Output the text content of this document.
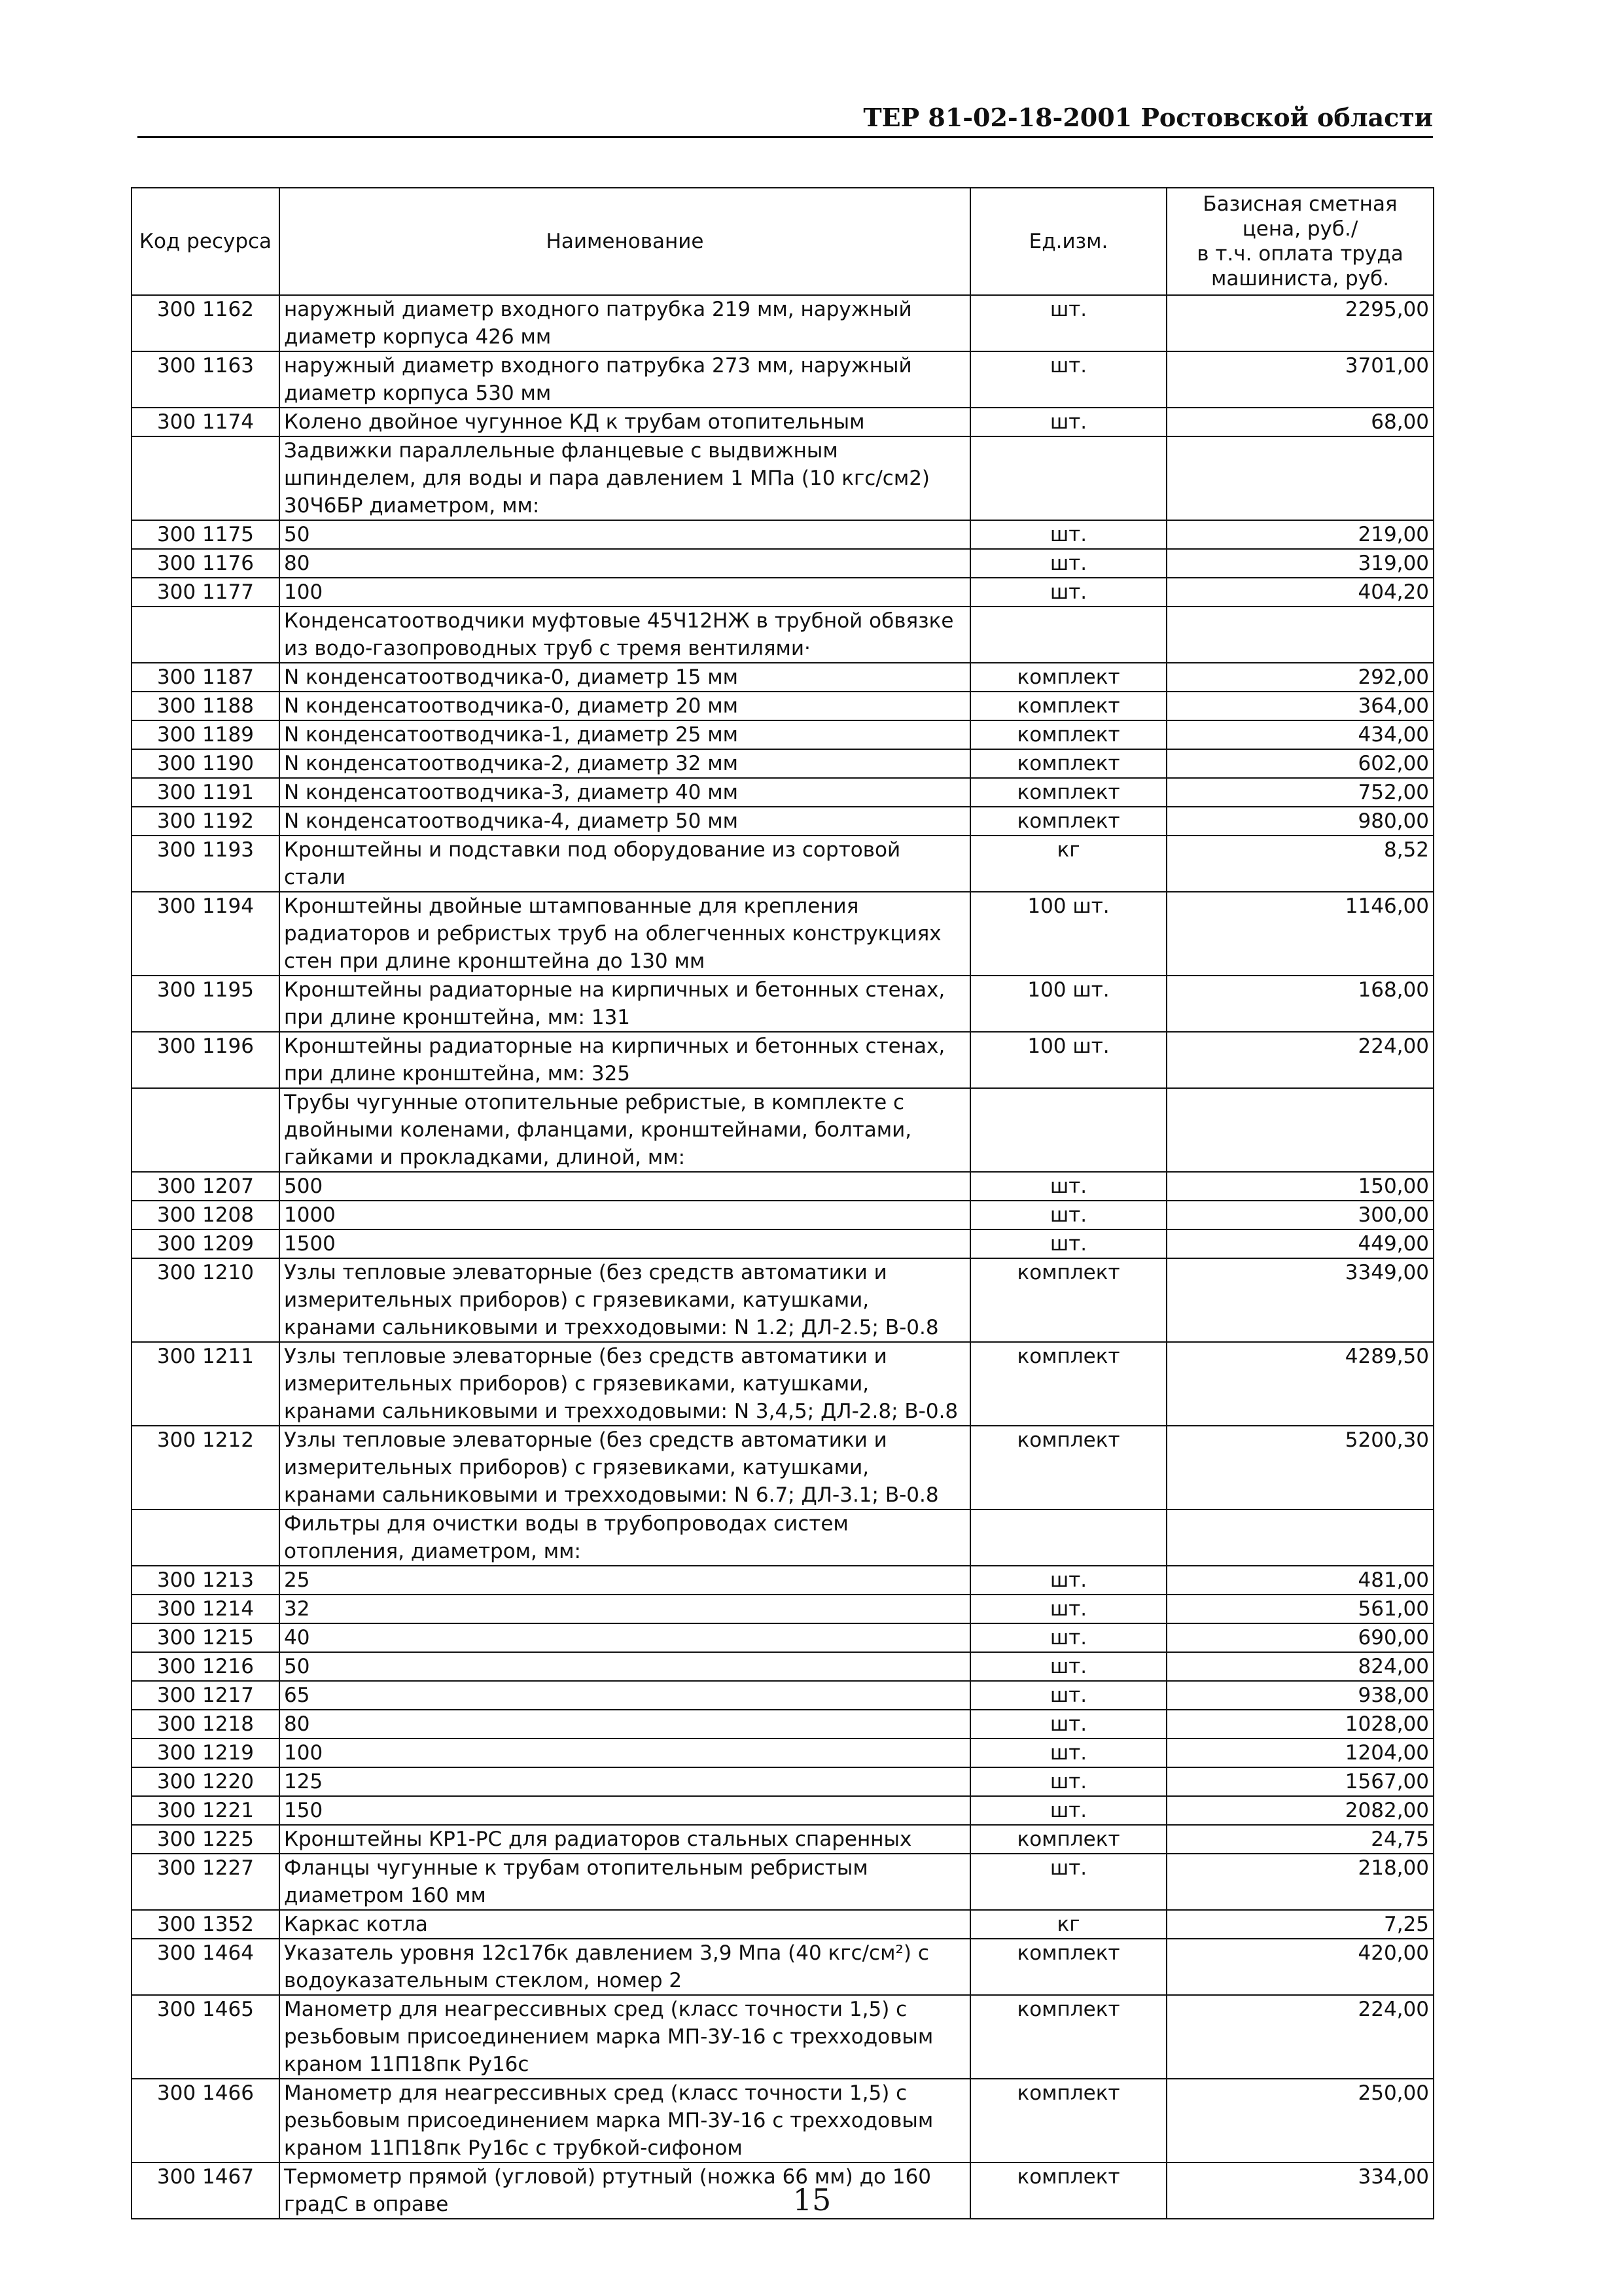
ТЕР 81-02-18-2001 Ростовской области
Код ресурса	Наименование	Ед.изм.	Базисная сметная
цена, руб./
в т.ч. оплата труда
машиниста, руб.

300 1162	наружный диаметр входного патрубка 219 мм, наружный диаметр корпуса 426 мм	шт.	2295,00
300 1163	наружный диаметр входного патрубка 273 мм, наружный диаметр корпуса 530 мм	шт.	3701,00
300 1174	Колено двойное чугунное КД к трубам отопительным	шт.	68,00
	Задвижки параллельные фланцевые с выдвижным шпинделем, для воды и пара давлением 1 МПа (10 кгс/см2) 30Ч6БР диаметром, мм:		
300 1175	50	шт.	219,00
300 1176	80	шт.	319,00
300 1177	100	шт.	404,20
	Конденсатоотводчики муфтовые 45Ч12НЖ в трубной обвязке из водо-газопроводных труб с тремя вентилями·		
300 1187	N конденсатоотводчика-0, диаметр 15 мм	комплект	292,00
300 1188	N конденсатоотводчика-0, диаметр 20 мм	комплект	364,00
300 1189	N конденсатоотводчика-1, диаметр 25 мм	комплект	434,00
300 1190	N конденсатоотводчика-2, диаметр 32 мм	комплект	602,00
300 1191	N конденсатоотводчика-3, диаметр 40 мм	комплект	752,00
300 1192	N конденсатоотводчика-4, диаметр 50 мм	комплект	980,00
300 1193	Кронштейны и подставки под оборудование из сортовой стали	кг	8,52
300 1194	Кронштейны двойные штампованные для крепления радиаторов и ребристых труб на облегченных конструкциях стен при длине кронштейна до 130 мм	100 шт.	1146,00
300 1195	Кронштейны радиаторные на кирпичных и бетонных стенах, при длине кронштейна, мм: 131	100 шт.	168,00
300 1196	Кронштейны радиаторные на кирпичных и бетонных стенах, при длине кронштейна, мм: 325	100 шт.	224,00
	Трубы чугунные отопительные ребристые, в комплекте с двойными коленами, фланцами, кронштейнами, болтами, гайками и прокладками, длиной, мм:		
300 1207	500	шт.	150,00
300 1208	1000	шт.	300,00
300 1209	1500	шт.	449,00
300 1210	Узлы тепловые элеваторные (без средств автоматики и измерительных приборов) с грязевиками, катушками, кранами сальниковыми и трехходовыми: N 1.2; ДЛ-2.5; В-0.8	комплект	3349,00
300 1211	Узлы тепловые элеваторные (без средств автоматики и измерительных приборов) с грязевиками, катушками, кранами сальниковыми и трехходовыми: N 3,4,5; ДЛ-2.8; В-0.8	комплект	4289,50
300 1212	Узлы тепловые элеваторные (без средств автоматики и измерительных приборов) с грязевиками, катушками, кранами сальниковыми и трехходовыми: N 6.7; ДЛ-3.1; В-0.8	комплект	5200,30
	Фильтры для очистки воды в трубопроводах систем отопления, диаметром, мм:		
300 1213	25	шт.	481,00
300 1214	32	шт.	561,00
300 1215	40	шт.	690,00
300 1216	50	шт.	824,00
300 1217	65	шт.	938,00
300 1218	80	шт.	1028,00
300 1219	100	шт.	1204,00
300 1220	125	шт.	1567,00
300 1221	150	шт.	2082,00
300 1225	Кронштейны КР1-РС для радиаторов стальных спаренных	комплект	24,75
300 1227	Фланцы чугунные к трубам отопительным ребристым диаметром 160 мм	шт.	218,00
300 1352	Каркас котла	кг	7,25
300 1464	Указатель уровня 12с17бк давлением 3,9 Мпа (40 кгс/см²) с водоуказательным стеклом, номер 2	комплект	420,00
300 1465	Манометр для неагрессивных сред (класс точности 1,5) с резьбовым присоединением марка МП-3У-16 с трехходовым краном 11П18пк Ру16с	комплект	224,00
300 1466	Манометр для неагрессивных сред (класс точности 1,5) с резьбовым присоединением марка МП-3У-16 с трехходовым краном 11П18пк Ру16с с трубкой-сифоном	комплект	250,00
300 1467	Термометр прямой (угловой) ртутный (ножка 66 мм) до 160 градС в оправе	комплект	334,00
15
